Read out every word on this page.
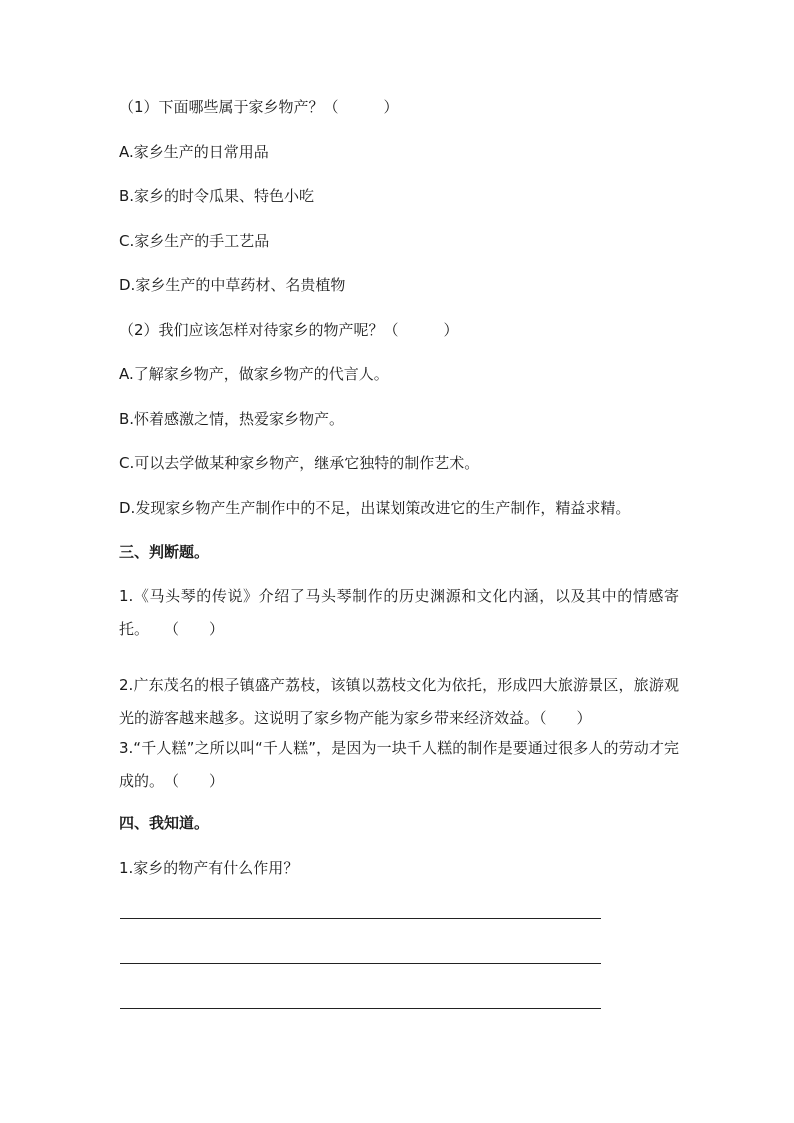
（1）下面哪些属于家乡物产？（　　　）
A.家乡生产的日常用品
B.家乡的时令瓜果、特色小吃
C.家乡生产的手工艺品
D.家乡生产的中草药材、名贵植物
（2）我们应该怎样对待家乡的物产呢？（　　　）
A.了解家乡物产，做家乡物产的代言人。
B.怀着感激之情，热爱家乡物产。
C.可以去学做某种家乡物产，继承它独特的制作艺术。
D.发现家乡物产生产制作中的不足，出谋划策改进它的生产制作，精益求精。
三、判断题。
1.《马头琴的传说》介绍了马头琴制作的历史渊源和文化内涵，以及其中的情感寄托。　　（　　）
2.广东茂名的根子镇盛产荔枝，该镇以荔枝文化为依托，形成四大旅游景区，旅游观光的游客越来越多。这说明了家乡物产能为家乡带来经济效益。（　　）
3.“千人糕”之所以叫“千人糕”，是因为一块千人糕的制作是要通过很多人的劳动才完成的。　（　　）
四、我知道。
1.家乡的物产有什么作用？
